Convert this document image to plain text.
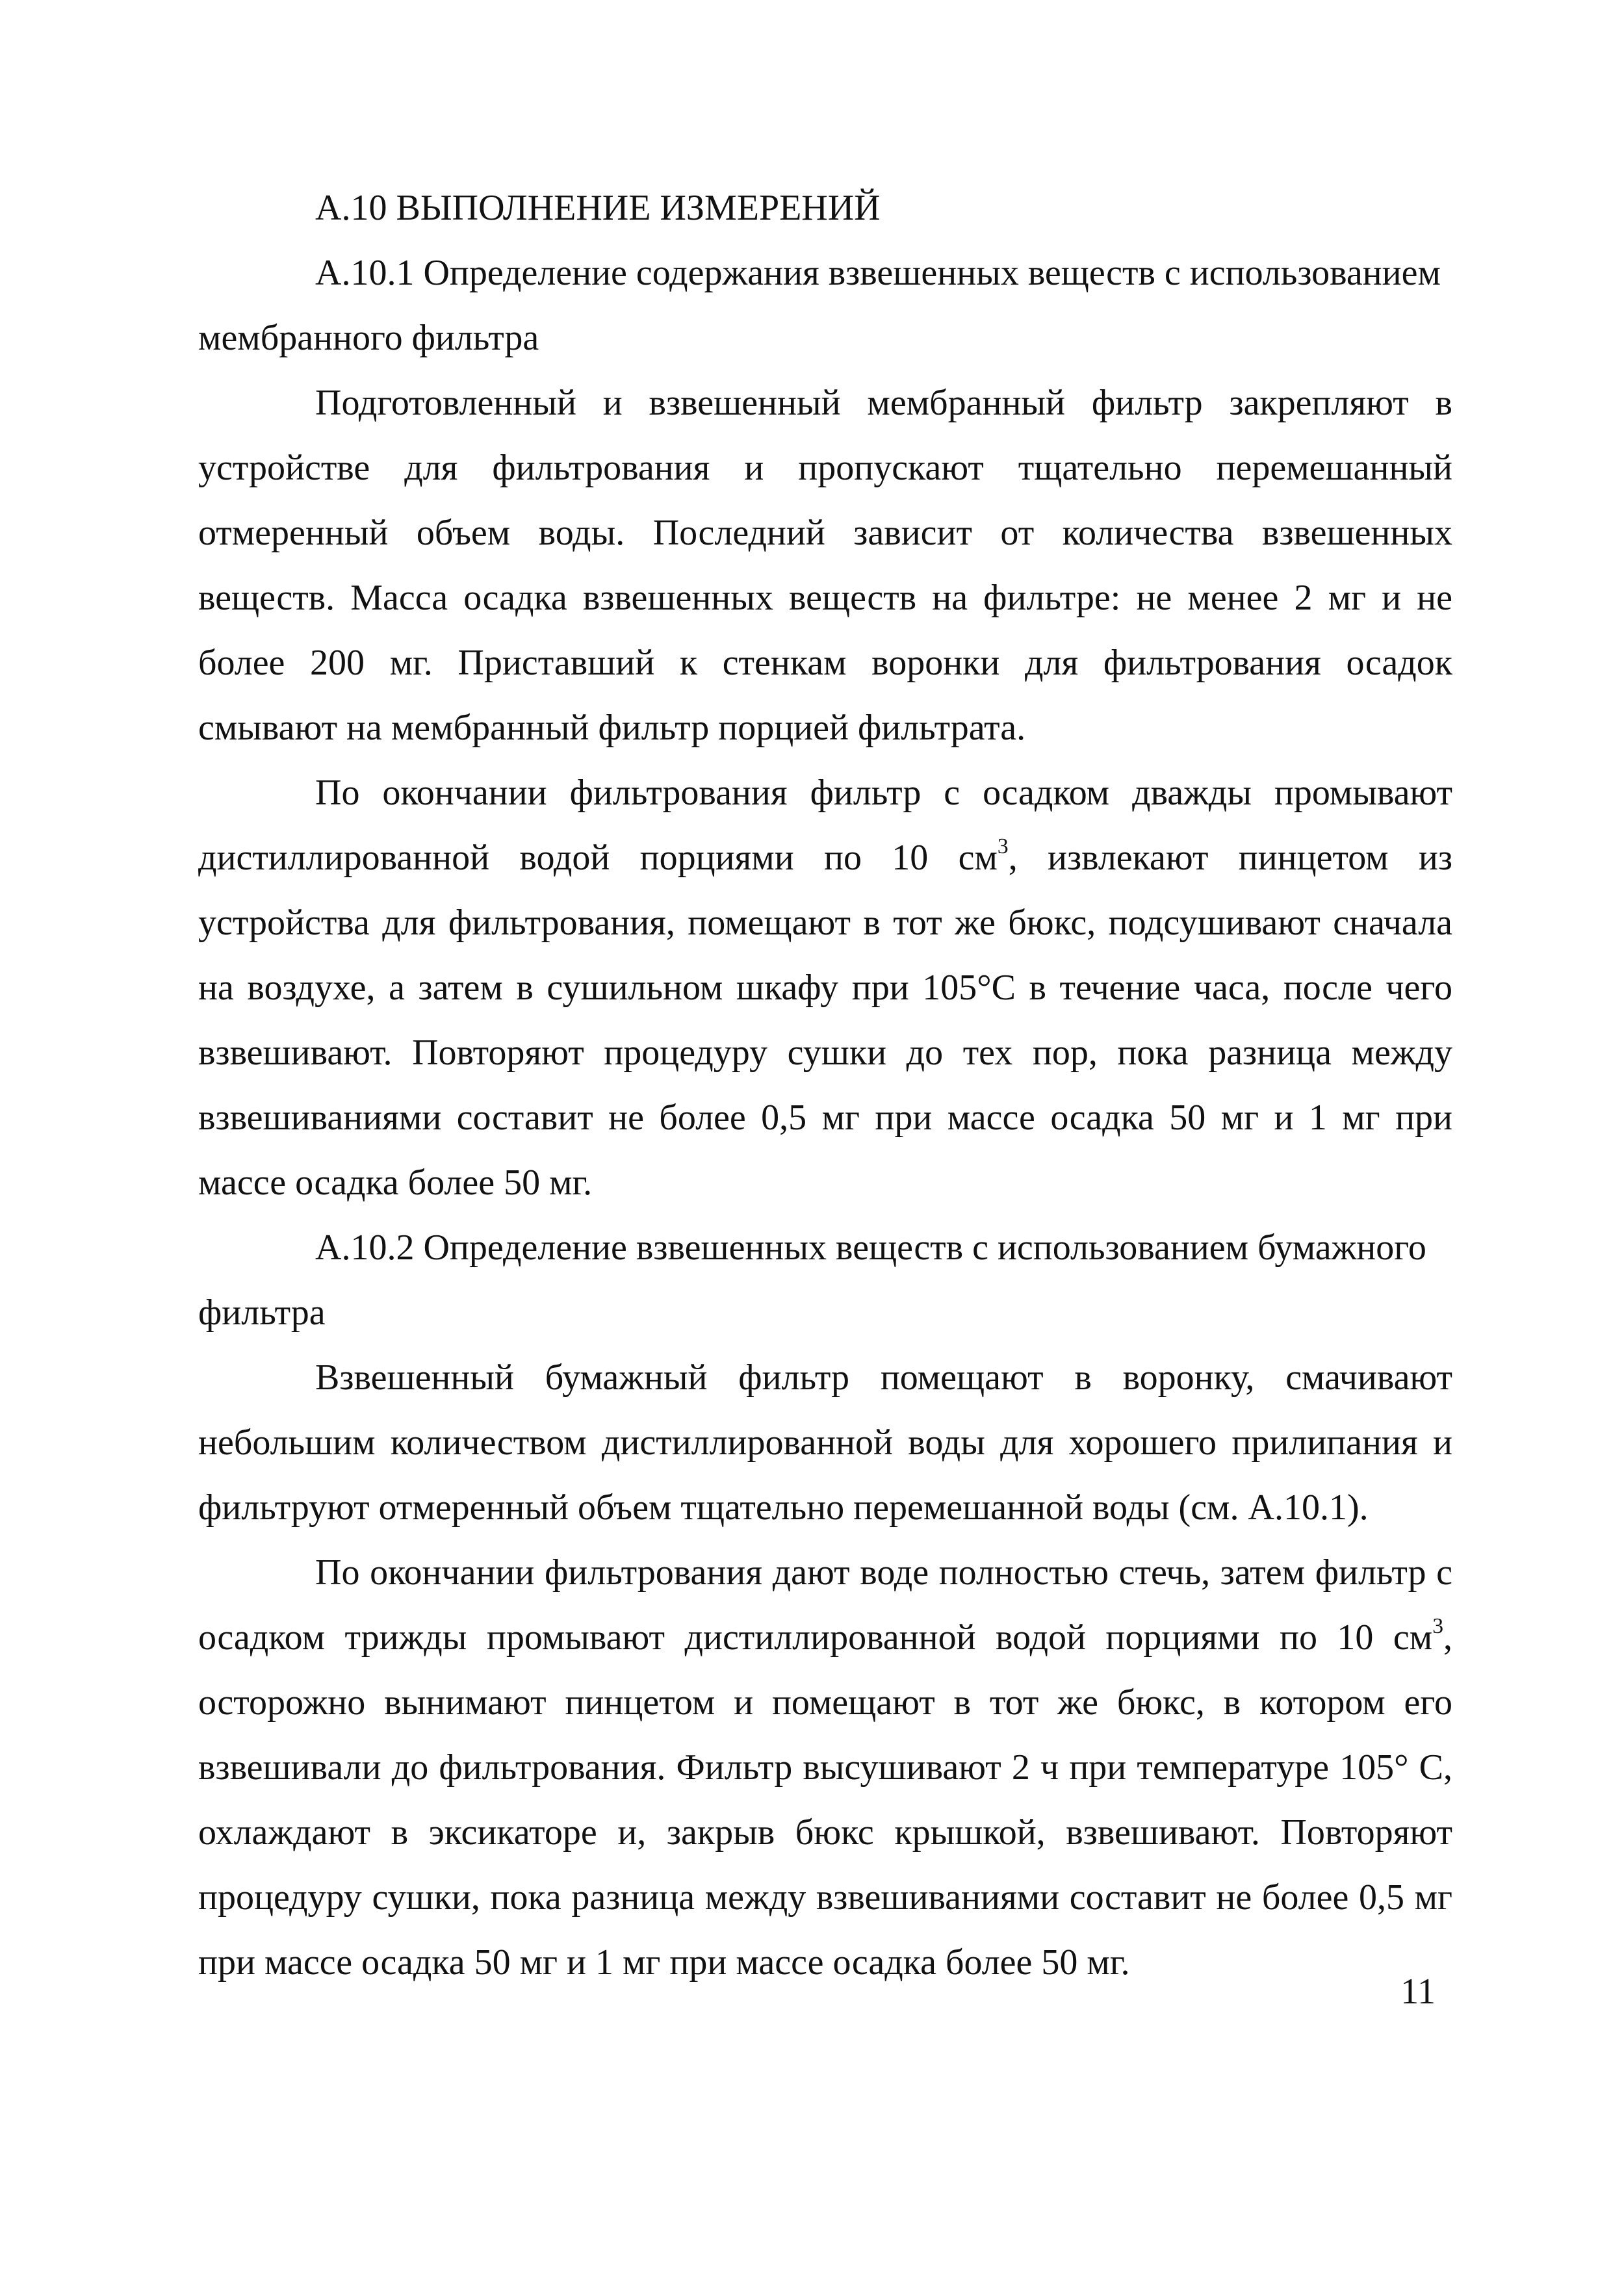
А.10 ВЫПОЛНЕНИЕ ИЗМЕРЕНИЙ

А.10.1 Определение содержания взвешенных веществ с использованием мембранного фильтра

Подготовленный и взвешенный мембранный фильтр закрепляют в устройстве для фильтрования и пропускают тщательно перемешанный отмеренный объем воды. Последний зависит от количества взвешенных веществ. Масса осадка взвешенных веществ на фильтре: не менее 2 мг и не более 200 мг. Приставший к стенкам воронки для фильтрования осадок смывают на мембранный фильтр порцией фильтрата.

По окончании фильтрования фильтр с осадком дважды промывают дистиллированной водой порциями по 10 $см^3$, извлекают пинцетом из устройства для фильтрования, помещают в тот же бюкс, подсушивают сначала на воздухе, а затем в сушильном шкафу при 105°С в течение часа, после чего взвешивают. Повторяют процедуру сушки до тех пор, пока разница между взвешиваниями составит не более 0,5 мг при массе осадка 50 мг и 1 мг при массе осадка более 50 мг.

А.10.2 Определение взвешенных веществ с использованием бумажного фильтра

Взвешенный бумажный фильтр помещают в воронку, смачивают небольшим количеством дистиллированной воды для хорошего прилипания и фильтруют отмеренный объем тщательно перемешанной воды (см. А.10.1).

По окончании фильтрования дают воде полностью стечь, затем фильтр с осадком трижды промывают дистиллированной водой порциями по 10 $см^3$, осторожно вынимают пинцетом и помещают в тот же бюкс, в котором его взвешивали до фильтрования. Фильтр высушивают 2 ч при температуре 105° С, охлаждают в эксикаторе и, закрыв бюкс крышкой, взвешивают. Повторяют процедуру сушки, пока разница между взвешиваниями составит не более 0,5 мг при массе осадка 50 мг и 1 мг при массе осадка более 50 мг.

11
